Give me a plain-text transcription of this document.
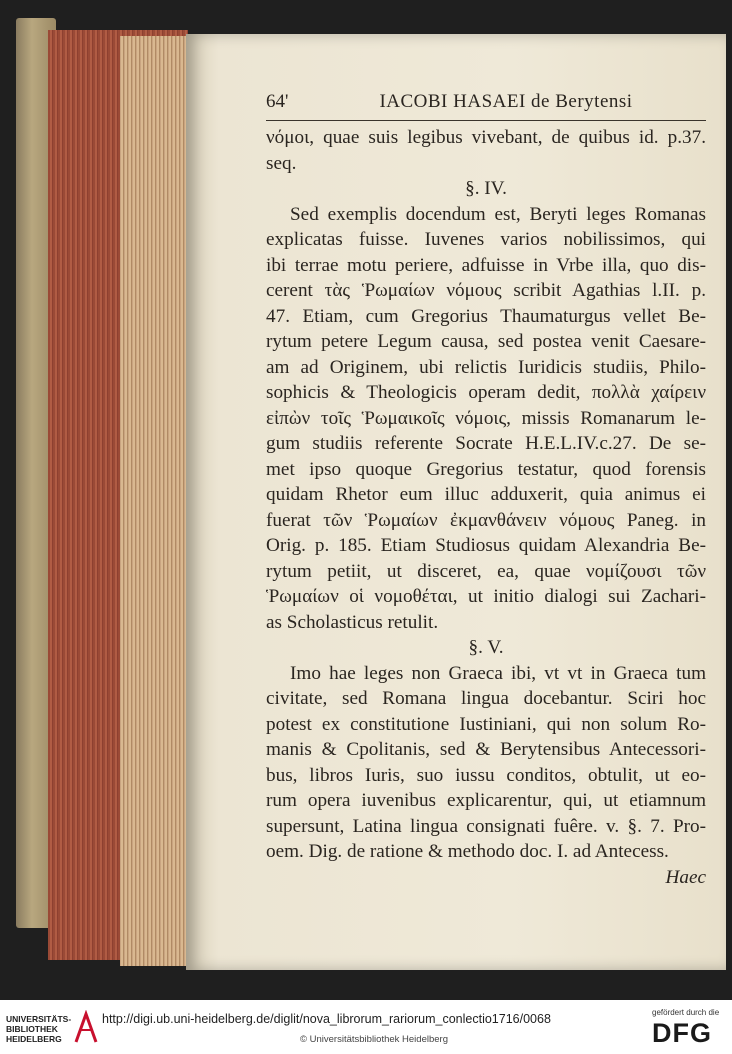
64'	IACOBI HASAEI de Berytensi
νόμοι, quae suis legibus vivebant, de quibus id. p.37.
seq.
§. IV.
Sed exemplis docendum est, Beryti leges Romanas
explicatas fuisse. Iuvenes varios nobilissimos, qui
ibi terrae motu periere, adfuisse in Vrbe illa, quo dis-
cerent τὰς Ῥωμαίων νόμους scribit Agathias l.II. p.
47. Etiam, cum Gregorius Thaumaturgus vellet Be-
rytum petere Legum causa, sed postea venit Caesare-
am ad Originem, ubi relictis Iuridicis studiis, Philo-
sophicis & Theologicis operam dedit, πολλὰ χαίρειν
εἰπὼν τοῖς Ῥωμαικοῖς νόμοις, missis Romanarum le-
gum studiis referente Socrate H.E.L.IV.c.27. De se-
met ipso quoque Gregorius testatur, quod forensis
quidam Rhetor eum illuc adduxerit, quia animus ei
fuerat τῶν Ῥωμαίων ἐκμανθάνειν νόμους Paneg. in
Orig. p. 185. Etiam Studiosus quidam Alexandria Be-
rytum petiit, ut disceret, ea, quae νομίζουσι τῶν
Ῥωμαίων οἱ νομοθέται, ut initio dialogi sui Zachari-
as Scholasticus retulit.
§. V.
Imo hae leges non Graeca ibi, vt vt in Graeca tum
civitate, sed Romana lingua docebantur. Sciri hoc
potest ex constitutione Iustiniani, qui non solum Ro-
manis & Cpolitanis, sed & Berytensibus Antecessori-
bus, libros Iuris, suo iussu conditos, obtulit, ut eo-
rum opera iuvenibus explicarentur, qui, ut etiamnum
supersunt, Latina lingua consignati fuêre. v. §. 7. Pro-
oem. Dig. de ratione & methodo doc. I. ad Antecess.
Haec
UNIVERSITÄTS-
BIBLIOTHEK
HEIDELBERG
http://digi.ub.uni-heidelberg.de/diglit/nova_librorum_rariorum_conlectio1716/0068
© Universitätsbibliothek Heidelberg
gefördert durch die
DFG
